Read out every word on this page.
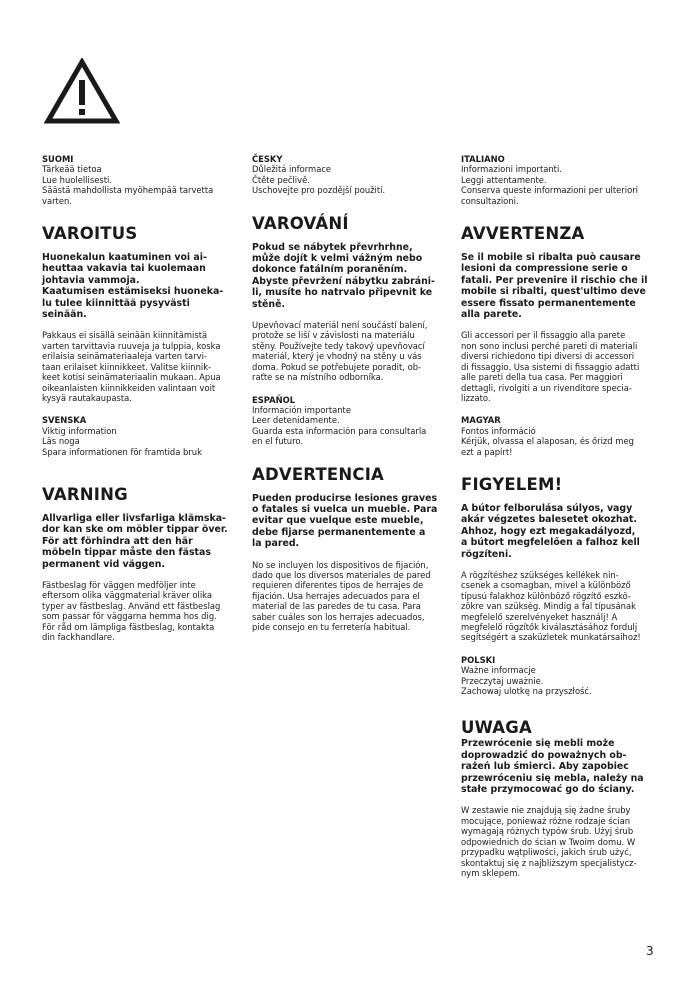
SUOMI
Tärkeää tietoa
Lue huolellisesti.
Säästä mahdollista myöhempää tarvetta
varten.
VAROITUS
Huonekalun kaatuminen voi ai-
heuttaa vakavia tai kuolemaan
johtavia vammoja.
Kaatumisen estämiseksi huoneka-
lu tulee kiinnittää pysyvästi
seinään.
Pakkaus ei sisällä seinään kiinnitämistä
varten tarvittavia ruuveja ja tulppia, koska
erilaisia seinämateriaaleja varten tarvi-
taan erilaiset kiinnikkeet. Valitse kiinnik-
keet kotisi seinämateriaalin mukaan. Apua
oikeanlaisten kiinnikkeiden valintaan voit
kysyä rautakaupasta.
SVENSKA
Viktig information
Läs noga
Spara informationen för framtida bruk
VARNING
Allvarliga eller livsfarliga klämska-
dor kan ske om möbler tippar över.
För att förhindra att den här
möbeln tippar måste den fästas
permanent vid väggen.
Fästbeslag för väggen medföljer inte
eftersom olika väggmaterial kräver olika
typer av fästbeslag. Använd ett fästbeslag
som passar för väggarna hemma hos dig.
För råd om lämpliga fästbeslag, kontakta
din fackhandlare.
ČESKY
Důležitá informace
Čtěte pečlivě.
Uschovejte pro pozdější použití.
VAROVÁNÍ
Pokud se nábytek převrhrhne,
může dojít k velmi vážným nebo
dokonce fatálním poraněním.
Abyste převržení nábytku zabráni-
li, musíte ho natrvalo připevnit ke
stěně.
Upevňovací materiál není součástí balení,
protože se liší v závislosti na materiálu
stěny. Používejte tedy takový upevňovací
materiál, který je vhodný na stěny u vás
doma. Pokud se potřebujete poradit, ob-
raťte se na místního odborníka.
ESPAÑOL
Información importante
Leer detenidamente.
Guarda esta información para consultarla
en el futuro.
ADVERTENCIA
Pueden producirse lesiones graves
o fatales si vuelca un mueble. Para
evitar que vuelque este mueble,
debe fijarse permanentemente a
la pared.
No se incluyen los dispositivos de fijación,
dado que los diversos materiales de pared
requieren diferentes tipos de herrajes de
fijación. Usa herrajes adecuados para el
material de las paredes de tu casa. Para
saber cuáles son los herrajes adecuados,
pide consejo en tu ferretería habitual.
ITALIANO
Informazioni importanti.
Leggi attentamente.
Conserva queste informazioni per ulteriori
consultazioni.
AVVERTENZA
Se il mobile si ribalta può causare
lesioni da compressione serie o
fatali. Per prevenire il rischio che il
mobile si ribalti, quest'ultimo deve
essere fissato permanentemente
alla parete.
Gli accessori per il fissaggio alla parete
non sono inclusi perché pareti di materiali
diversi richiedono tipi diversi di accessori
di fissaggio. Usa sistemi di fissaggio adatti
alle pareti della tua casa. Per maggiori
dettagli, rivolgiti a un rivenditore specia-
lizzato.
MAGYAR
Fontos információ
Kérjük, olvassa el alaposan, és őrizd meg
ezt a papírt!
FIGYELEM!
A bútor felborulása súlyos, vagy
akár végzetes balesetet okozhat.
Ahhoz, hogy ezt megakadályozd,
a bútort megfelelően a falhoz kell
rögzíteni.
A rögzítéshez szükséges kellékek nin-
csenek a csomagban, mivel a különböző
típusú falakhoz különböző rögzítő eszkö-
zökre van szükség. Mindig a fal típusának
megfelelő szerelvényeket használj! A
megfelelő rögzítők kiválasztásához fordulj
segítségért a szaküzletek munkatársaihoz!
POLSKI
Ważne informacje
Przeczytaj uważnie.
Zachowaj ulotkę na przyszłość.
UWAGA
Przewrócenie się mebli może
doprowadzić do poważnych ob-
rażeń lub śmierci. Aby zapobiec
przewróceniu się mebla, należy na
stałe przymocować go do ściany.
W zestawie nie znajdują się żadne śruby
mocujące, ponieważ różne rodzaje ścian
wymagają różnych typów śrub. Użyj śrub
odpowiednich do ścian w Twoim domu. W
przypadku wątpliwości, jakich śrub użyć,
skontaktuj się z najbliższym specjalistycz-
nym sklepem.
3
